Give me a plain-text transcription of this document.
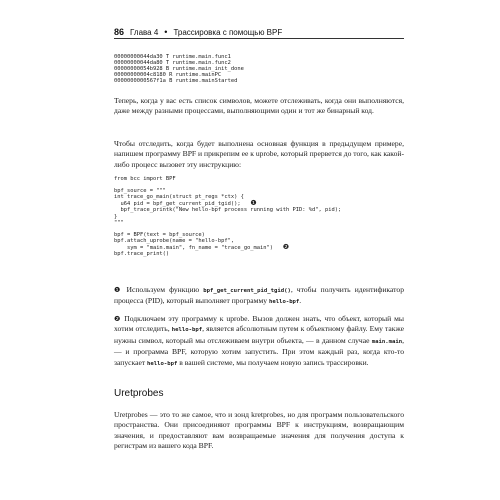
86 Глава 4 • Трассировка с помощью BPF
00000000044da30 T runtime.main.func1
00000000044da80 T runtime.main.func2
00000000054b928 B runtime.main_init_done
00000000004c8180 R runtime.mainPC
0000000000567f1a B runtime.mainStarted

Теперь, когда у вас есть список символов, можете отслеживать, когда они выполняются, даже между разными процессами, выполняющими один и тот же бинарный код.

Чтобы отследить, когда будет выполнена основная функция в предыдущем примере, напишем программу BPF и прикрепим ее к uprobe, который прервется до того, как какой-либо процесс вызовет эту инструкцию:

from bcc import BPF

bpf_source = """
int trace_go_main(struct pt_regs *ctx) {
u64 pid = bpf_get_current_pid_tgid(); ❶
bpf_trace_printk("New hello-bpf process running with PID: %d", pid);
}
"""

bpf = BPF(text = bpf_source)
bpf.attach_uprobe(name = "hello-bpf",
sym = "main.main", fn_name = "trace_go_main") ❷
bpf.trace_print()

❶ Используем функцию bpf_get_current_pid_tgid(), чтобы получить идентификатор процесса (PID), который выполняет программу hello-bpf.

❷ Подключаем эту программу к uprobe. Вызов должен знать, что объект, который мы хотим отследить, hello-bpf, является абсолютным путем к объектному файлу. Ему также нужны символ, который мы отслеживаем внутри объекта, — в данном случае main.main, — и программа BPF, которую хотим запустить. При этом каждый раз, когда кто-то запускает hello-bpf в вашей системе, мы получаем новую запись трассировки.

Uretprobes

Uretprobes — это то же самое, что и зонд kretprobes, но для программ пользовательского пространства. Они присоединяют программы BPF к инструкциям, возвращающим значения, и предоставляют вам возвращаемые значения для получения доступа к регистрам из вашего кода BPF.
